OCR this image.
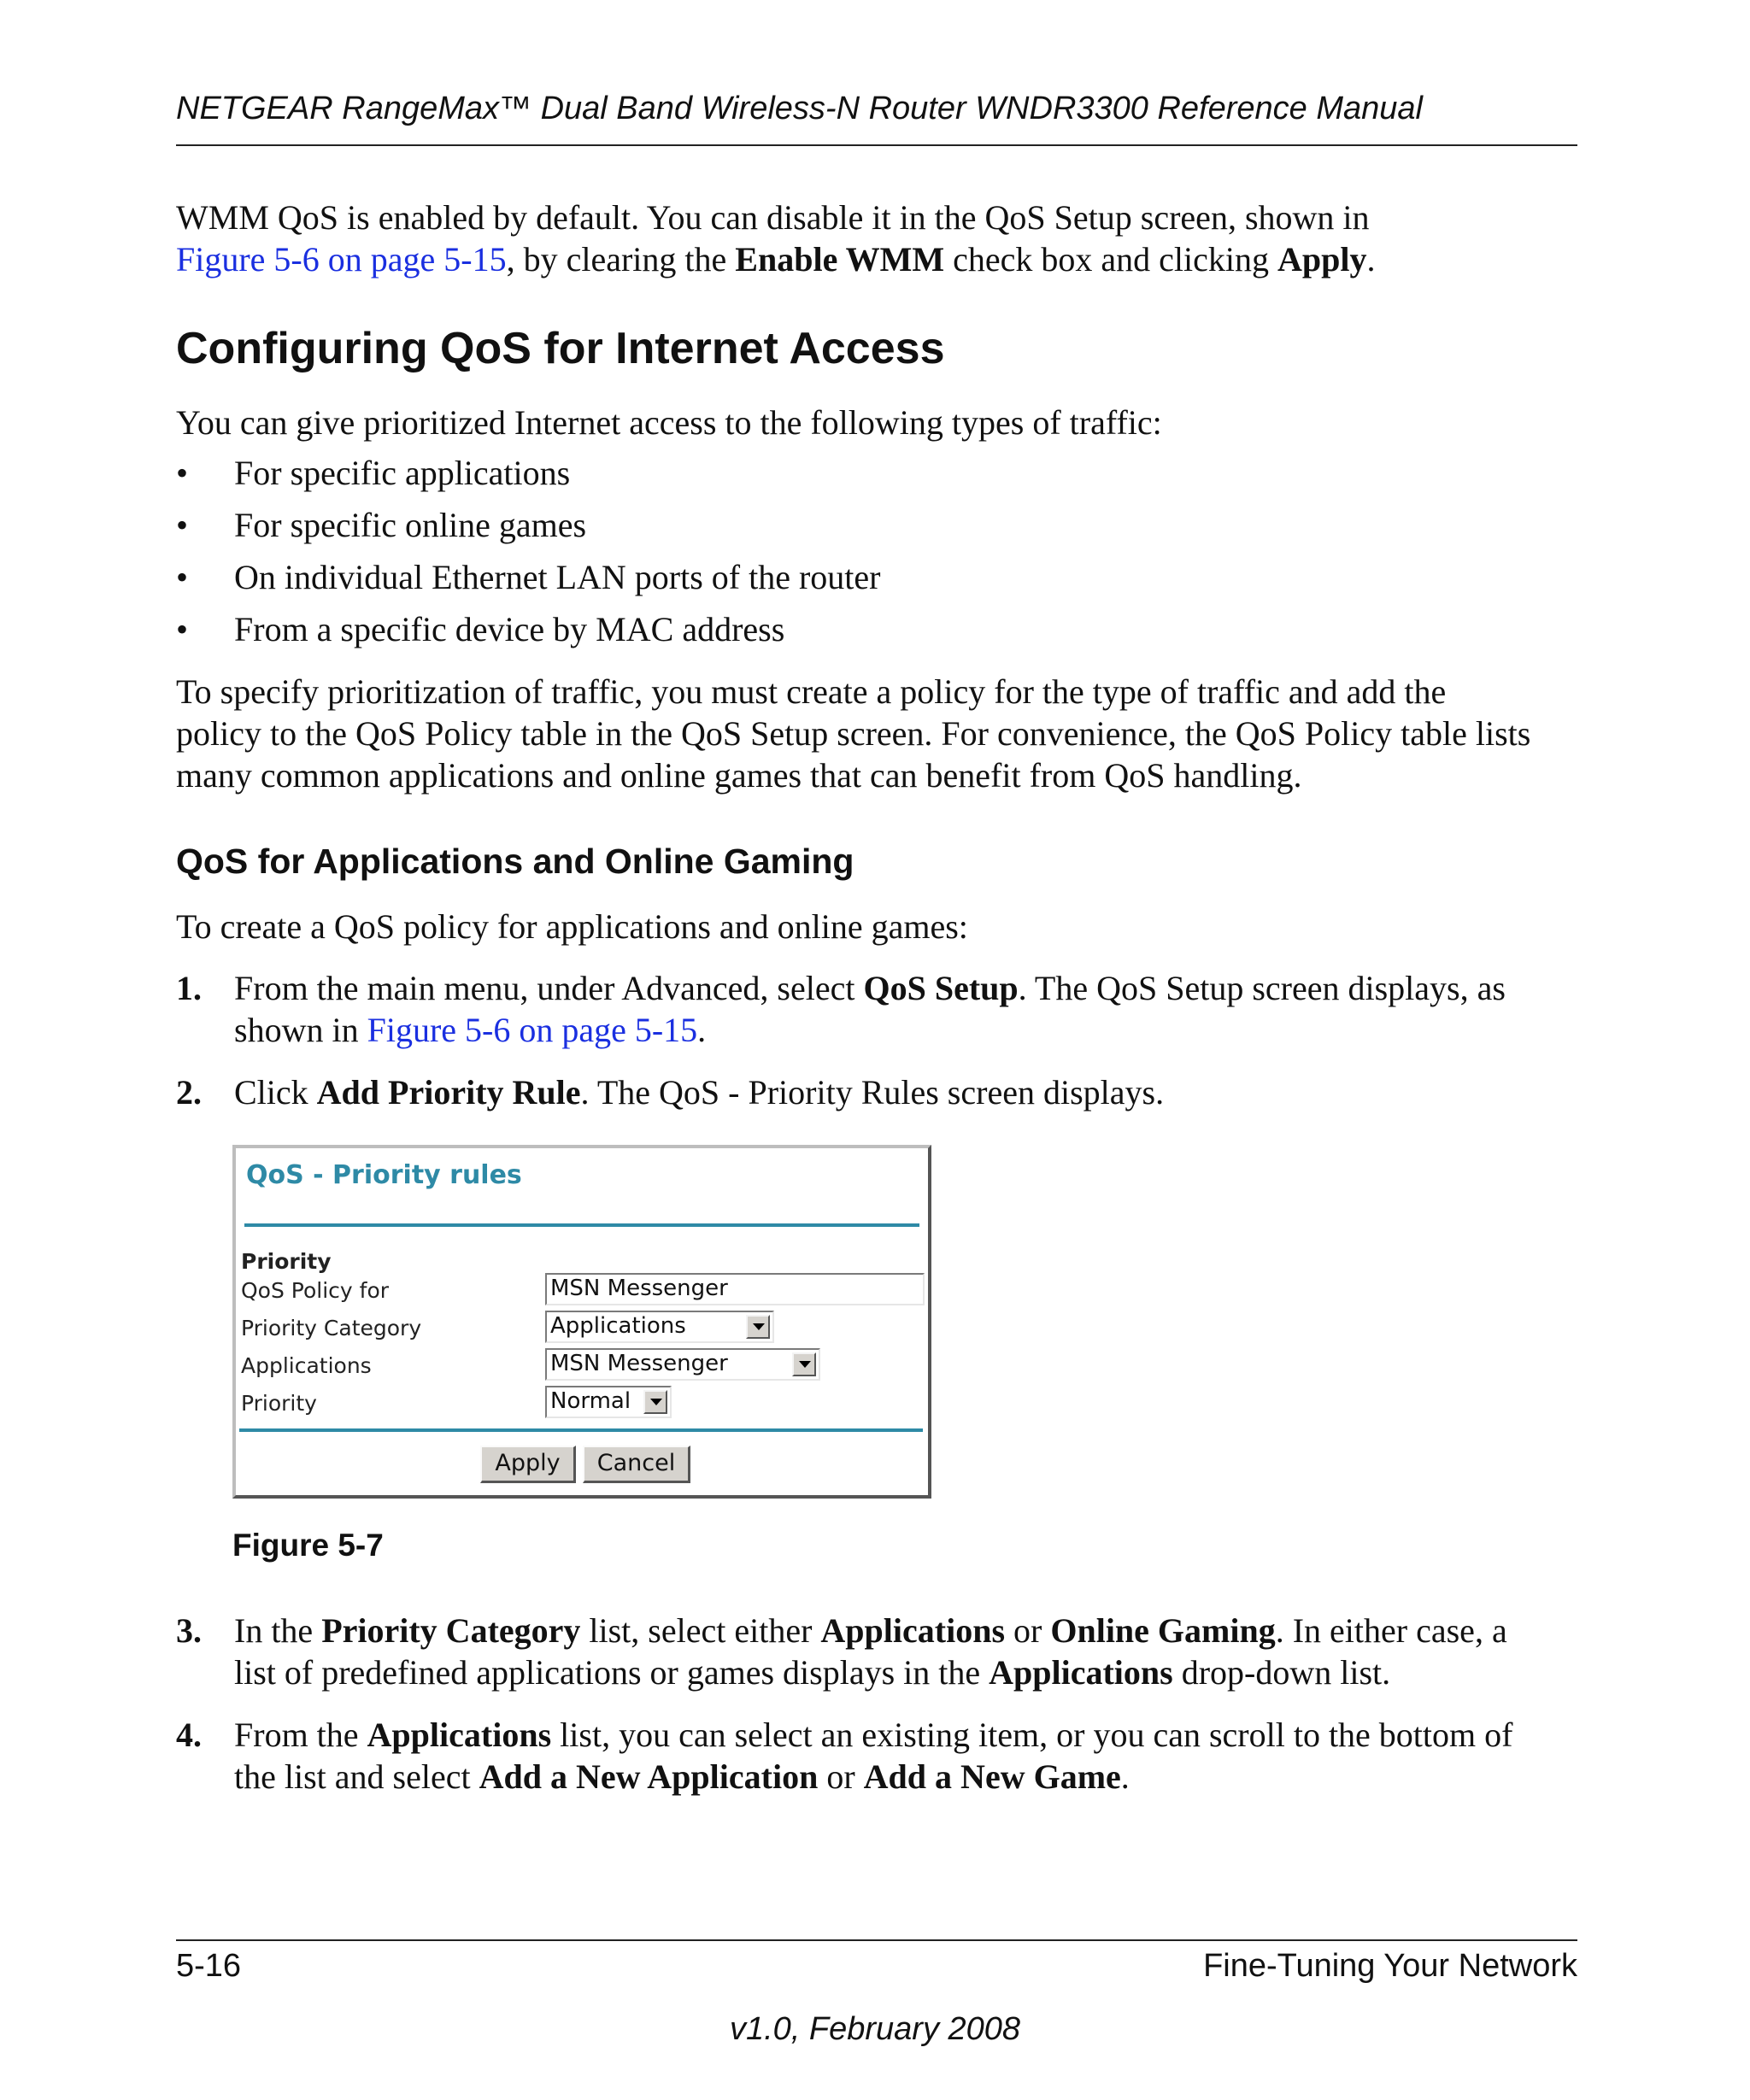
NETGEAR RangeMax™ Dual Band Wireless-N Router WNDR3300 Reference Manual
WMM QoS is enabled by default. You can disable it in the QoS Setup screen, shown in
Figure 5-6 on page 5-15, by clearing the Enable WMM check box and clicking Apply.
Configuring QoS for Internet Access
You can give prioritized Internet access to the following types of traffic:
• For specific applications
• For specific online games
• On individual Ethernet LAN ports of the router
• From a specific device by MAC address
To specify prioritization of traffic, you must create a policy for the type of traffic and add the
policy to the QoS Policy table in the QoS Setup screen. For convenience, the QoS Policy table lists
many common applications and online games that can benefit from QoS handling.
QoS for Applications and Online Gaming
To create a QoS policy for applications and online games:
1. From the main menu, under Advanced, select QoS Setup. The QoS Setup screen displays, as
shown in Figure 5-6 on page 5-15.
2. Click Add Priority Rule. The QoS - Priority Rules screen displays.
QoS - Priority rules
Priority
QoS Policy for	MSN Messenger
Priority Category	Applications
Applications	MSN Messenger
Priority	Normal
Apply	Cancel
Figure 5-7
3. In the Priority Category list, select either Applications or Online Gaming. In either case, a
list of predefined applications or games displays in the Applications drop-down list.
4. From the Applications list, you can select an existing item, or you can scroll to the bottom of
the list and select Add a New Application or Add a New Game.
5-16	Fine-Tuning Your Network
v1.0, February 2008
